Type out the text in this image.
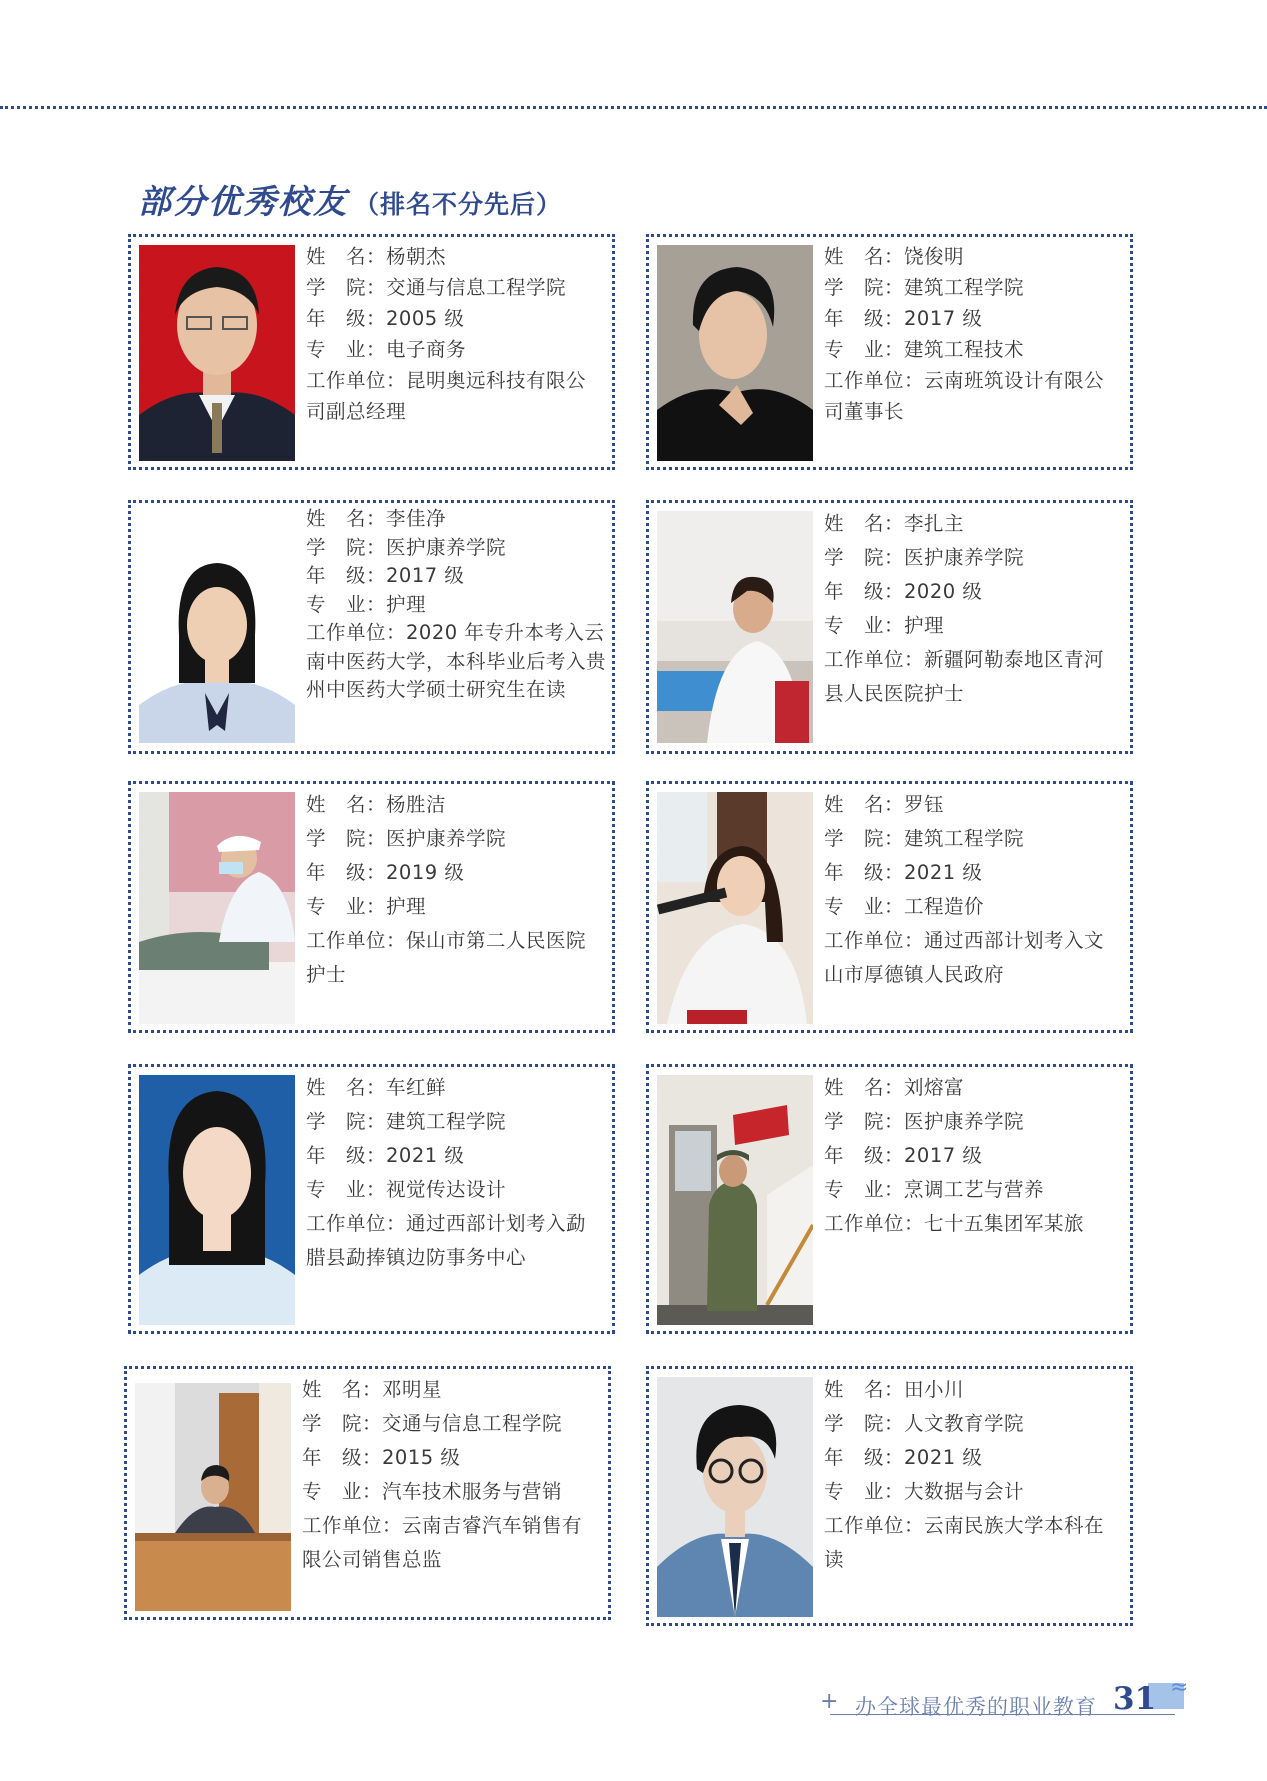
部分优秀校友 （排名不分先后）
姓　名：杨朝杰
学　院：交通与信息工程学院
年　级：2005 级
专　业：电子商务
工作单位：昆明奥远科技有限公司副总经理
姓　名：饶俊明
学　院：建筑工程学院
年　级：2017 级
专　业：建筑工程技术
工作单位：云南班筑设计有限公司董事长
姓　名：李佳净
学　院：医护康养学院
年　级：2017 级
专　业：护理
工作单位：2020 年专升本考入云南中医药大学，本科毕业后考入贵州中医药大学硕士研究生在读
姓　名：李扎主
学　院：医护康养学院
年　级：2020 级
专　业：护理
工作单位：新疆阿勒泰地区青河县人民医院护士
姓　名：杨胜洁
学　院：医护康养学院
年　级：2019 级
专　业：护理
工作单位：保山市第二人民医院护士
姓　名：罗钰
学　院：建筑工程学院
年　级：2021 级
专　业：工程造价
工作单位：通过西部计划考入文山市厚德镇人民政府
姓　名：车红鲜
学　院：建筑工程学院
年　级：2021 级
专　业：视觉传达设计
工作单位：通过西部计划考入勐腊县勐捧镇边防事务中心
姓　名：刘熔富
学　院：医护康养学院
年　级：2017 级
专　业：烹调工艺与营养
工作单位：七十五集团军某旅
姓　名：邓明星
学　院：交通与信息工程学院
年　级：2015 级
专　业：汽车技术服务与营销
工作单位：云南吉睿汽车销售有限公司销售总监
姓　名：田小川
学　院：人文教育学院
年　级：2021 级
专　业：大数据与会计
工作单位：云南民族大学本科在读
+ 办全球最优秀的职业教育 31 ≈
